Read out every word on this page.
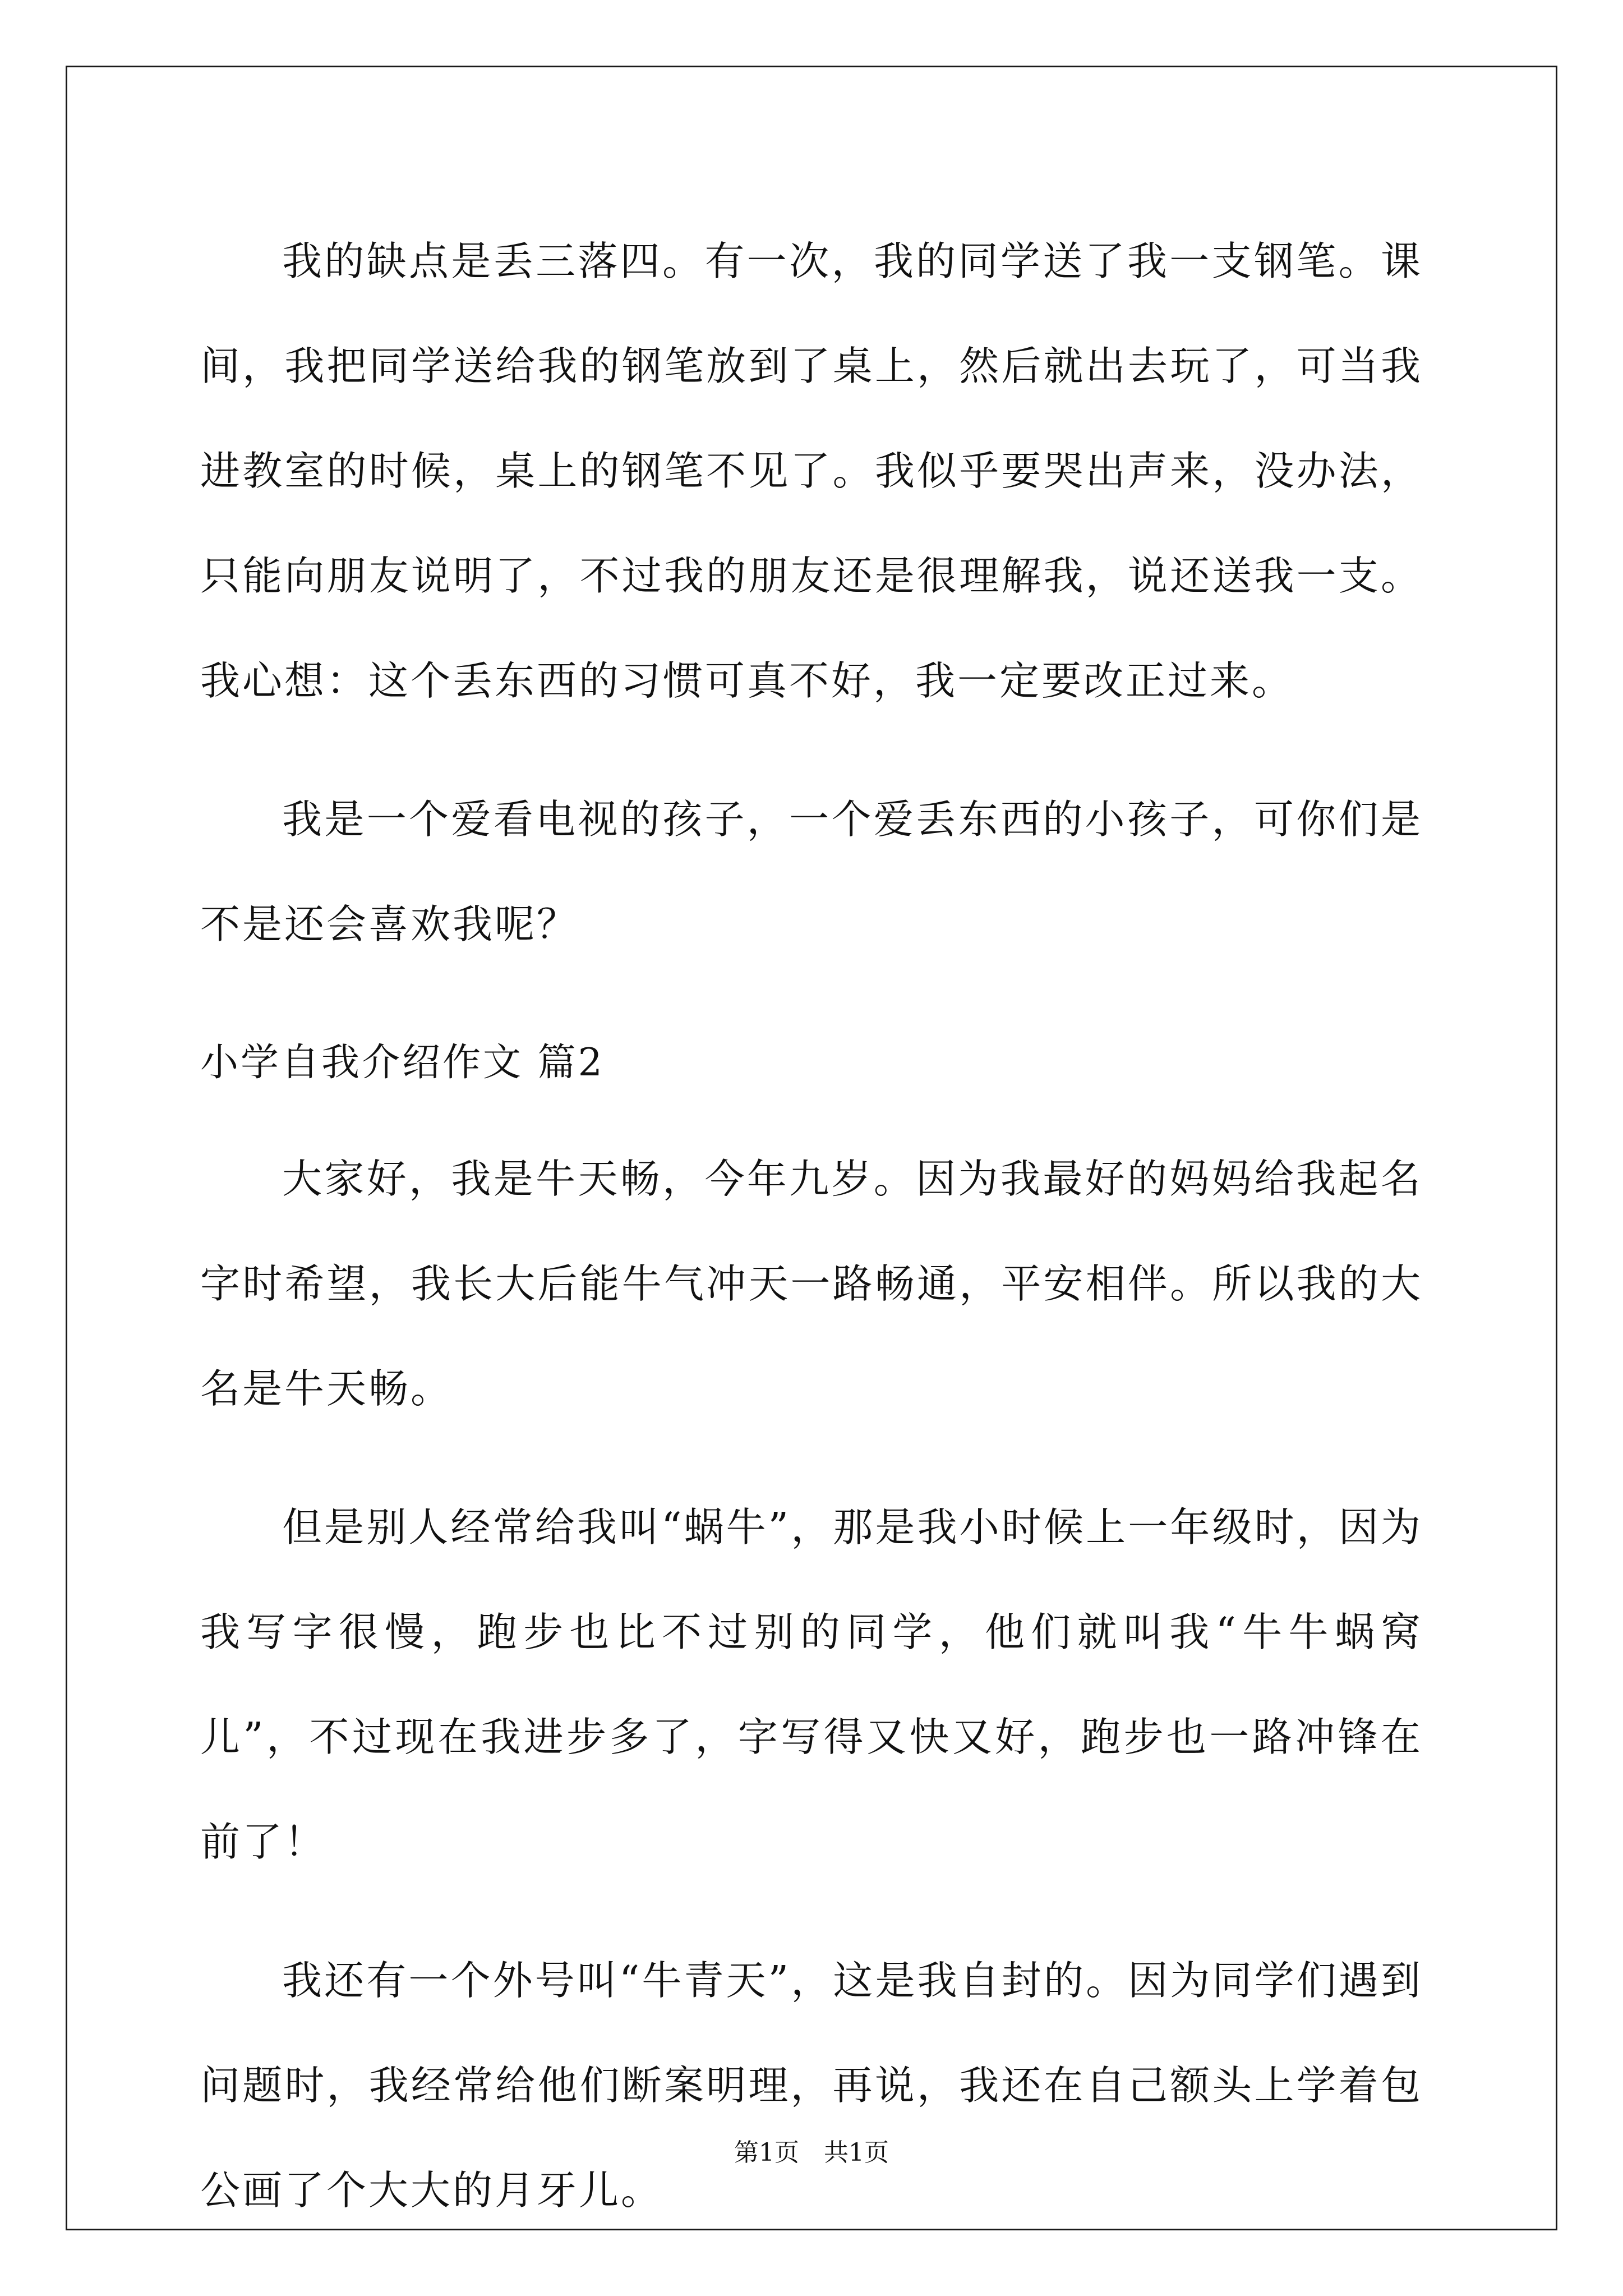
我的缺点是丢三落四。有一次，我的同学送了我一支钢笔。课间，我把同学送给我的钢笔放到了桌上，然后就出去玩了，可当我进教室的时候，桌上的钢笔不见了。我似乎要哭出声来，没办法，只能向朋友说明了，不过我的朋友还是很理解我，说还送我一支。我心想：这个丢东西的习惯可真不好，我一定要改正过来。

我是一个爱看电视的孩子，一个爱丢东西的小孩子，可你们是不是还会喜欢我呢？

小学自我介绍作文 篇2

大家好，我是牛天畅，今年九岁。因为我最好的妈妈给我起名字时希望，我长大后能牛气冲天一路畅通，平安相伴。所以我的大名是牛天畅。

但是别人经常给我叫“蜗牛”，那是我小时候上一年级时，因为我写字很慢，跑步也比不过别的同学，他们就叫我“牛牛蜗窝儿”，不过现在我进步多了，字写得又快又好，跑步也一路冲锋在前了！

我还有一个外号叫“牛青天”，这是我自封的。因为同学们遇到问题时，我经常给他们断案明理，再说，我还在自己额头上学着包公画了个大大的月牙儿。

第1页　共1页
